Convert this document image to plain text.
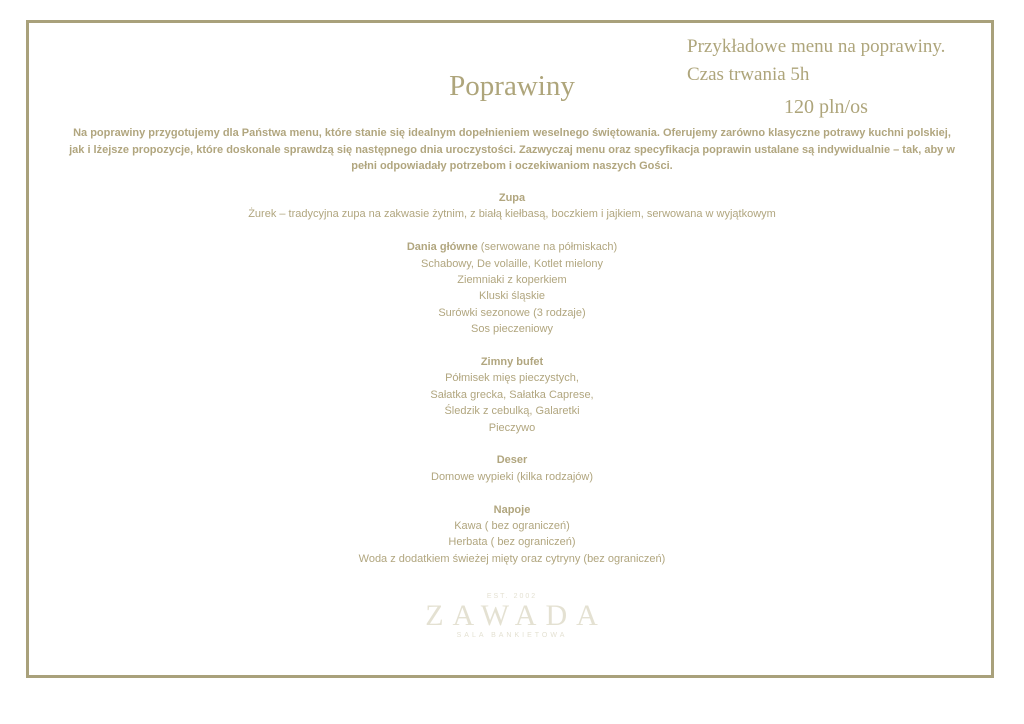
Przykładowe menu na poprawiny.
Czas trwania 5h
120 pln/os
Poprawiny
Na poprawiny przygotujemy dla Państwa menu, które stanie się idealnym dopełnieniem weselnego świętowania. Oferujemy zarówno klasyczne potrawy kuchni polskiej, jak i lżejsze propozycje, które doskonale sprawdzą się następnego dnia uroczystości. Zazwyczaj menu oraz specyfikacja poprawin ustalane są indywidualnie – tak, aby w pełni odpowiadały potrzebom i oczekiwaniom naszych Gości.
Zupa
Żurek – tradycyjna zupa na zakwasie żytnim, z białą kiełbasą, boczkiem i jajkiem, serwowana w wyjątkowym
Dania główne (serwowane na półmiskach)
Schabowy, De volaille, Kotlet mielony
Ziemniaki z koperkiem
Kluski śląskie
Surówki sezonowe (3 rodzaje)
Sos pieczeniowy
Zimny bufet
Półmisek mięs pieczystych,
Sałatka grecka, Sałatka Caprese,
Śledzik z cebulką, Galaretki
Pieczywo
Deser
Domowe wypieki (kilka rodzajów)
Napoje
Kawa ( bez ograniczeń)
Herbata ( bez ograniczeń)
Woda z dodatkiem świeżej mięty oraz cytryny (bez ograniczeń)
EST. 2002
ZAWADA
SALA BANKIETOWA
